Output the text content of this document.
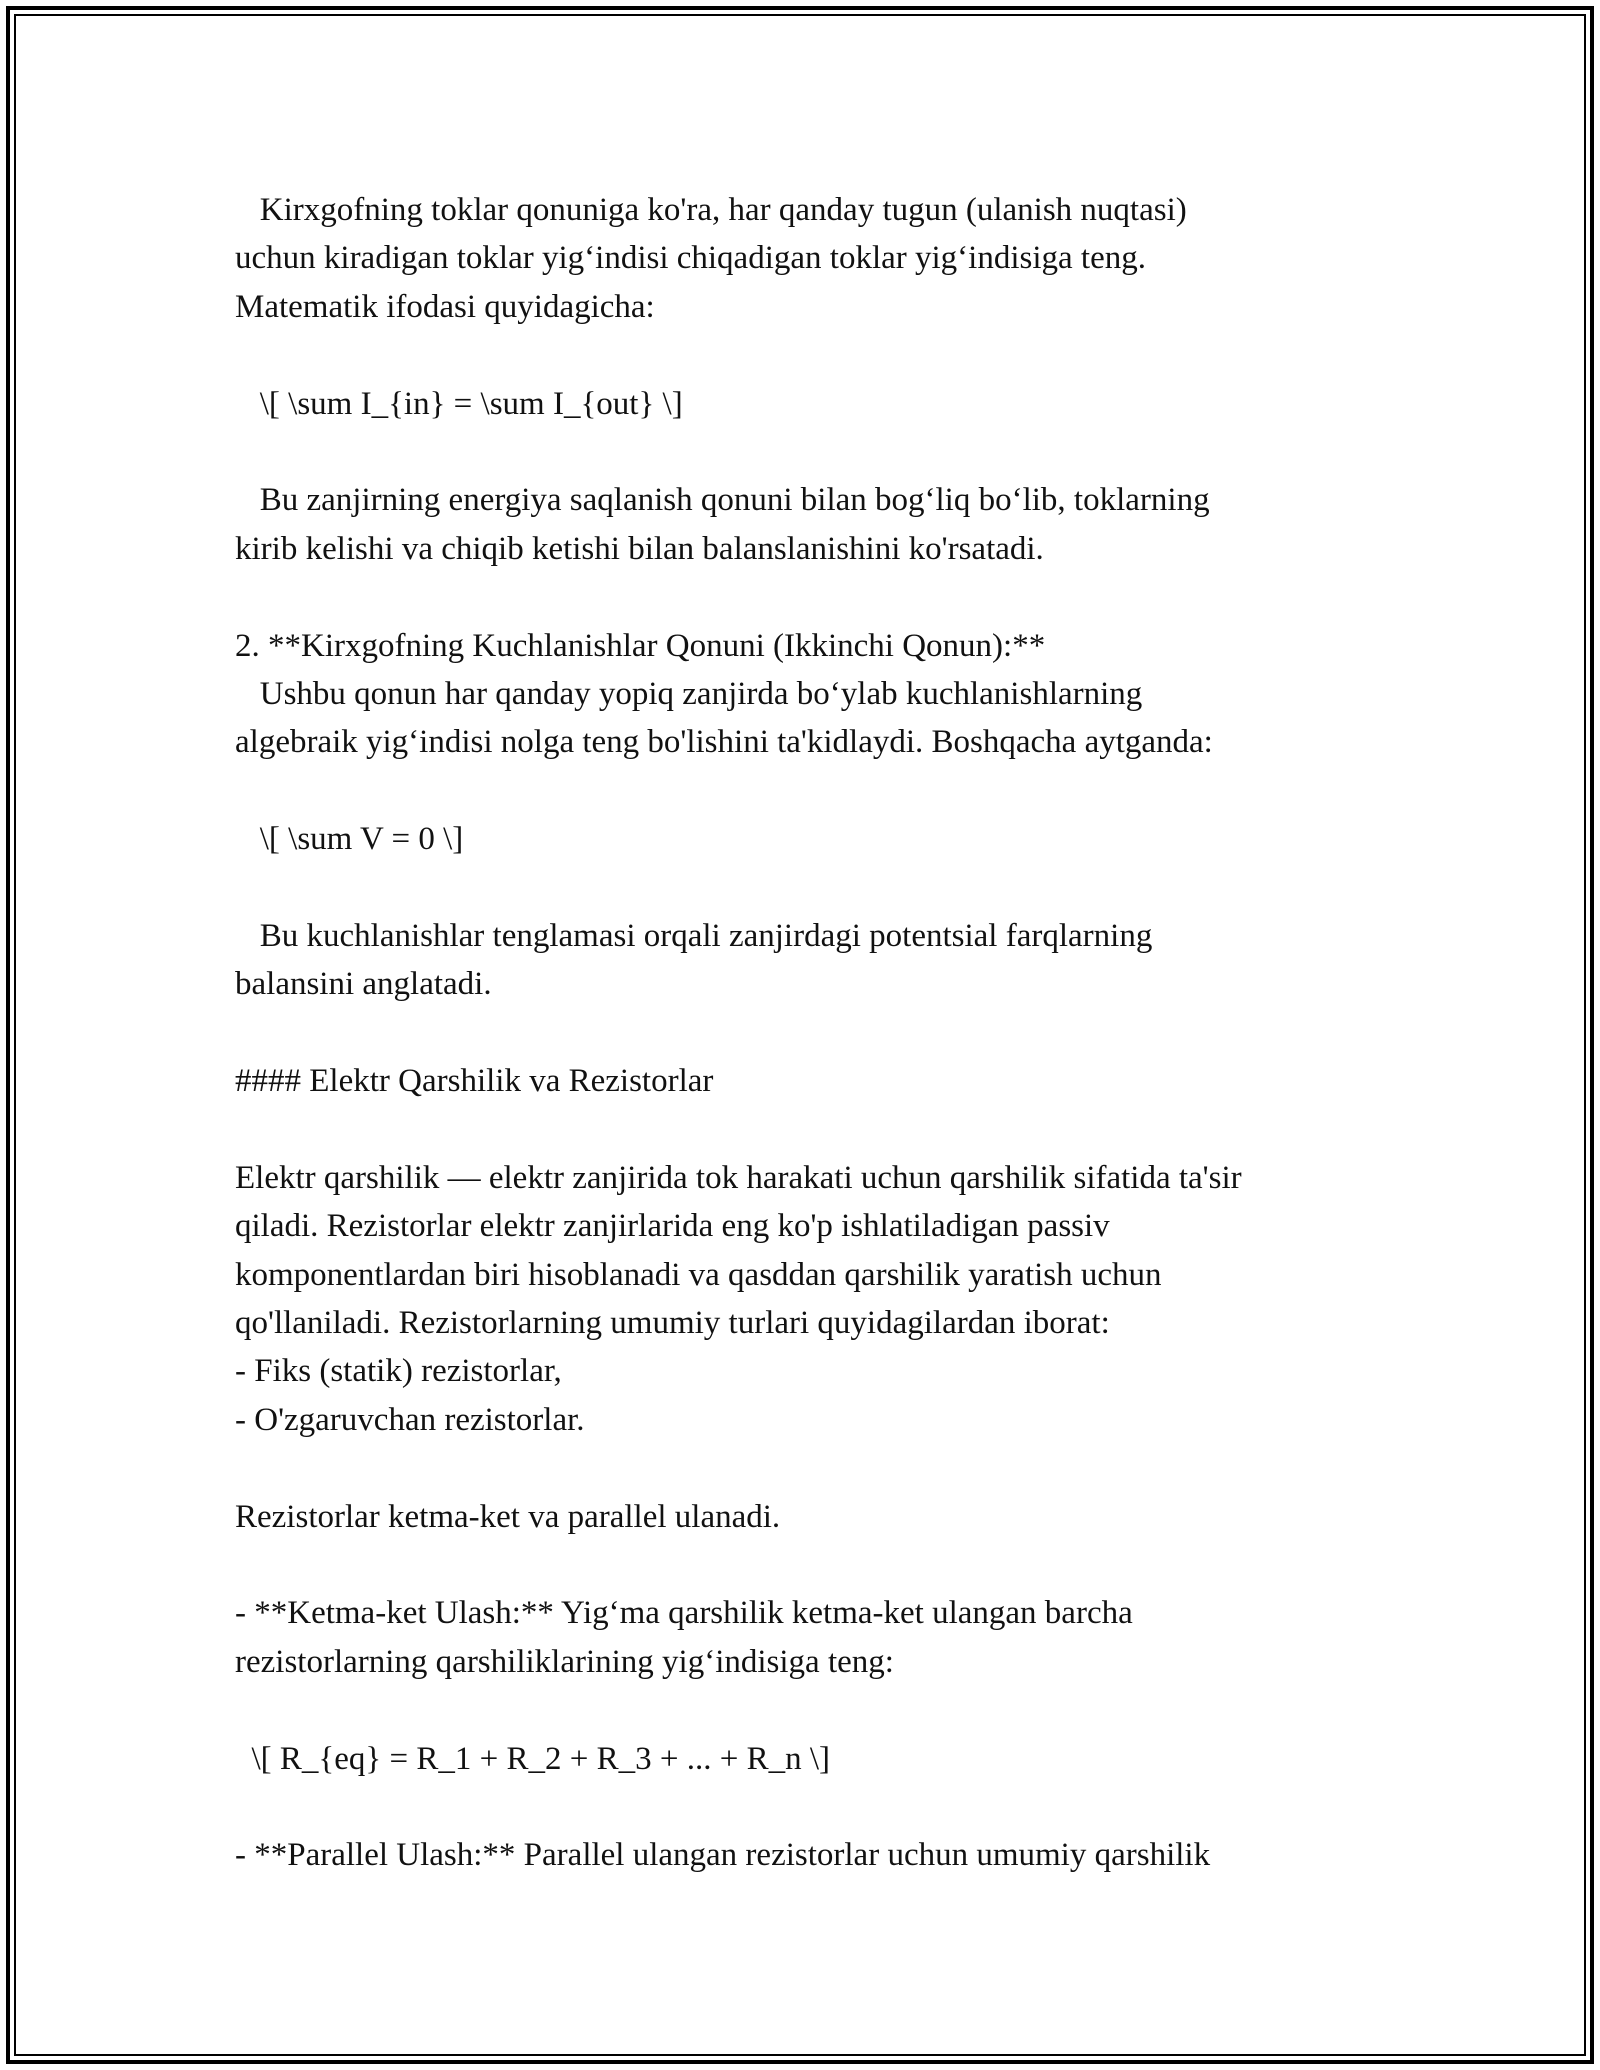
Kirxgofning toklar qonuniga ko'ra, har qanday tugun (ulanish nuqtasi)
uchun kiradigan toklar yig‘indisi chiqadigan toklar yig‘indisiga teng.
Matematik ifodasi quyidagicha:
\[ \sum I_{in} = \sum I_{out} \]
Bu zanjirning energiya saqlanish qonuni bilan bog‘liq bo‘lib, toklarning
kirib kelishi va chiqib ketishi bilan balanslanishini ko'rsatadi.
2. **Kirxgofning Kuchlanishlar Qonuni (Ikkinchi Qonun):**
Ushbu qonun har qanday yopiq zanjirda bo‘ylab kuchlanishlarning
algebraik yig‘indisi nolga teng bo'lishini ta'kidlaydi. Boshqacha aytganda:
\[ \sum V = 0 \]
Bu kuchlanishlar tenglamasi orqali zanjirdagi potentsial farqlarning
balansini anglatadi.
#### Elektr Qarshilik va Rezistorlar
Elektr qarshilik — elektr zanjirida tok harakati uchun qarshilik sifatida ta'sir
qiladi. Rezistorlar elektr zanjirlarida eng ko'p ishlatiladigan passiv
komponentlardan biri hisoblanadi va qasddan qarshilik yaratish uchun
qo'llaniladi. Rezistorlarning umumiy turlari quyidagilardan iborat:
- Fiks (statik) rezistorlar,
- O'zgaruvchan rezistorlar.
Rezistorlar ketma-ket va parallel ulanadi.
- **Ketma-ket Ulash:** Yig‘ma qarshilik ketma-ket ulangan barcha
rezistorlarning qarshiliklarining yig‘indisiga teng:
\[ R_{eq} = R_1 + R_2 + R_3 + ... + R_n \]
- **Parallel Ulash:** Parallel ulangan rezistorlar uchun umumiy qarshilik
